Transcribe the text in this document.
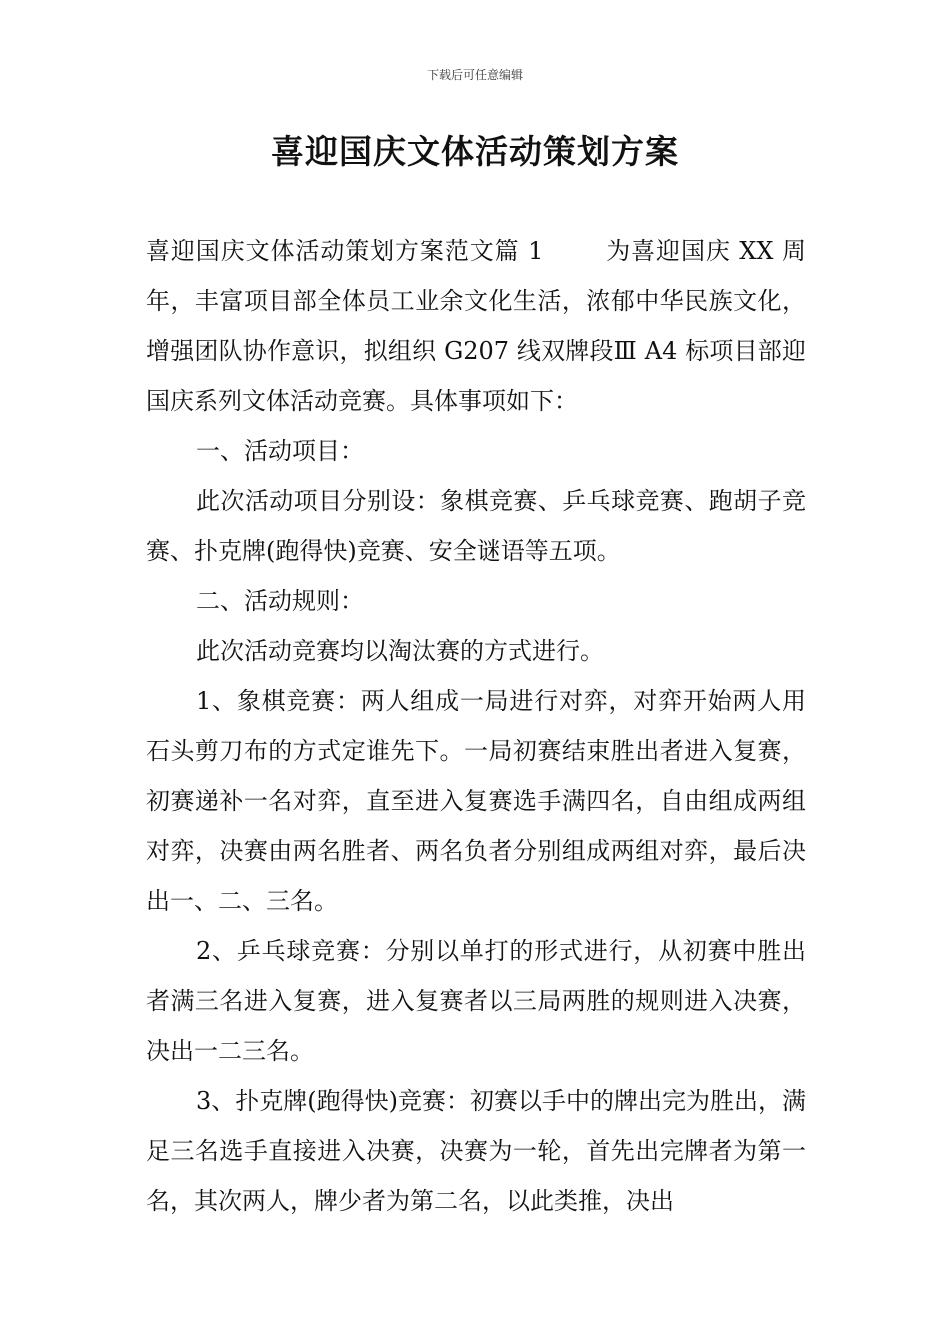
下载后可任意编辑
喜迎国庆文体活动策划方案

喜迎国庆文体活动策划方案范文篇 1	为喜迎国庆 XX 周年，丰富项目部全体员工业余文化生活，浓郁中华民族文化，增强团队协作意识，拟组织 G207 线双牌段Ⅲ A4 标项目部迎国庆系列文体活动竞赛。具体事项如下：

一、活动项目：

此次活动项目分别设：象棋竞赛、乒乓球竞赛、跑胡子竞赛、扑克牌(跑得快)竞赛、安全谜语等五项。

二、活动规则：

此次活动竞赛均以淘汰赛的方式进行。

1、象棋竞赛：两人组成一局进行对弈，对弈开始两人用石头剪刀布的方式定谁先下。一局初赛结束胜出者进入复赛，初赛递补一名对弈，直至进入复赛选手满四名，自由组成两组对弈，决赛由两名胜者、两名负者分别组成两组对弈，最后决出一、二、三名。

2、乒乓球竞赛：分别以单打的形式进行，从初赛中胜出者满三名进入复赛，进入复赛者以三局两胜的规则进入决赛，决出一二三名。

3、扑克牌(跑得快)竞赛：初赛以手中的牌出完为胜出，满足三名选手直接进入决赛，决赛为一轮，首先出完牌者为第一名，其次两人，牌少者为第二名，以此类推，决出
